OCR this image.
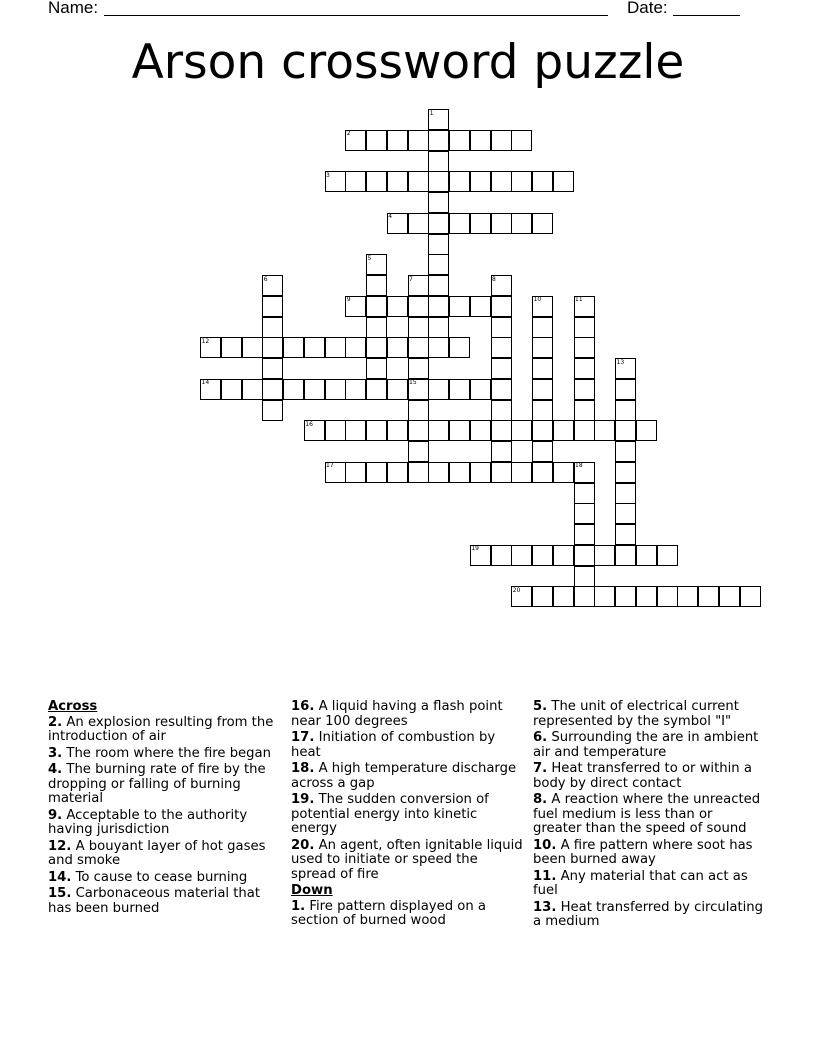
Name:	Date:
Arson crossword puzzle
1
2
3
4
5
6	7	8
9	10	11
12
13
14	15
16
17	18
19
20
Across
2. An explosion resulting from the introduction of air
3. The room where the fire began
4. The burning rate of fire by the dropping or falling of burning material
9. Acceptable to the authority having jurisdiction
12. A bouyant layer of hot gases and smoke
14. To cause to cease burning
15. Carbonaceous material that has been burned
16. A liquid having a flash point near 100 degrees
17. Initiation of combustion by heat
18. A high temperature discharge across a gap
19. The sudden conversion of potential energy into kinetic energy
20. An agent, often ignitable liquid used to initiate or speed the spread of fire
Down
1. Fire pattern displayed on a section of burned wood
5. The unit of electrical current represented by the symbol "I"
6. Surrounding the are in ambient air and temperature
7. Heat transferred to or within a body by direct contact
8. A reaction where the unreacted fuel medium is less than or greater than the speed of sound
10. A fire pattern where soot has been burned away
11. Any material that can act as fuel
13. Heat transferred by circulating a medium
